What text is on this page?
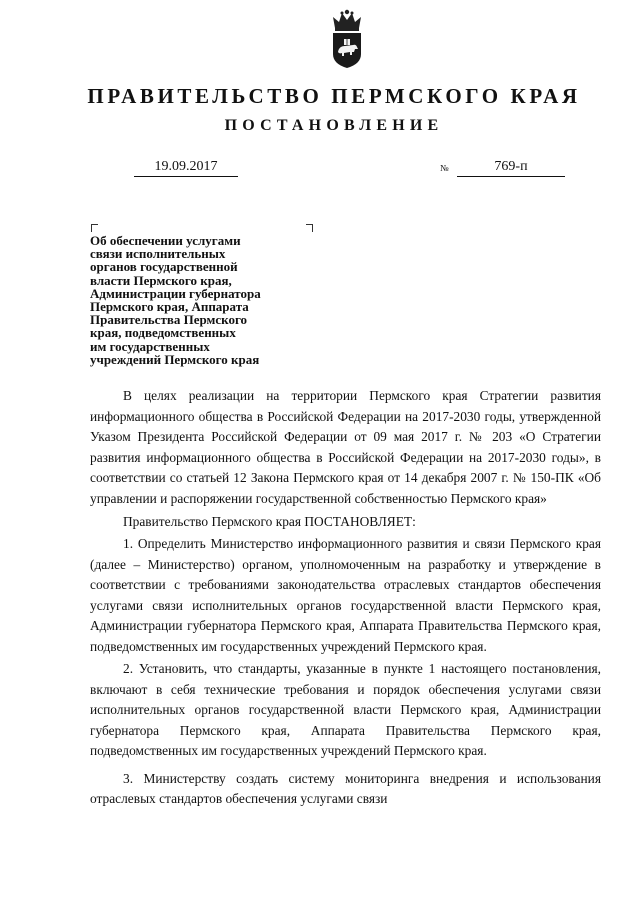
ПРАВИТЕЛЬСТВО ПЕРМСКОГО КРАЯ
ПОСТАНОВЛЕНИЕ
19.09.2017	№	769-п
Об обеспечении услугами
связи исполнительных
органов государственной
власти Пермского края,
Администрации губернатора
Пермского края, Аппарата
Правительства Пермского
края, подведомственных
им государственных
учреждений Пермского края

В целях реализации на территории Пермского края Стратегии развития информационного общества в Российской Федерации на 2017-2030 годы, утвержденной Указом Президента Российской Федерации от 09 мая 2017 г. № 203 «О Стратегии развития информационного общества в Российской Федерации на 2017-2030 годы», в соответствии со статьей 12 Закона Пермского края от 14 декабря 2007 г. № 150-ПК «Об управлении и распоряжении государственной собственностью Пермского края»

Правительство Пермского края ПОСТАНОВЛЯЕТ:

1. Определить Министерство информационного развития и связи Пермского края (далее – Министерство) органом, уполномоченным на разработку и утверждение в соответствии с требованиями законодательства отраслевых стандартов обеспечения услугами связи исполнительных органов государственной власти Пермского края, Администрации губернатора Пермского края, Аппарата Правительства Пермского края, подведомственных им государственных учреждений Пермского края.

2. Установить, что стандарты, указанные в пункте 1 настоящего постановления, включают в себя технические требования и порядок обеспечения услугами связи исполнительных органов государственной власти Пермского края, Администрации губернатора Пермского края, Аппарата Правительства Пермского края, подведомственных им государственных учреждений Пермского края.

3. Министерству создать систему мониторинга внедрения и использования отраслевых стандартов обеспечения услугами связи
